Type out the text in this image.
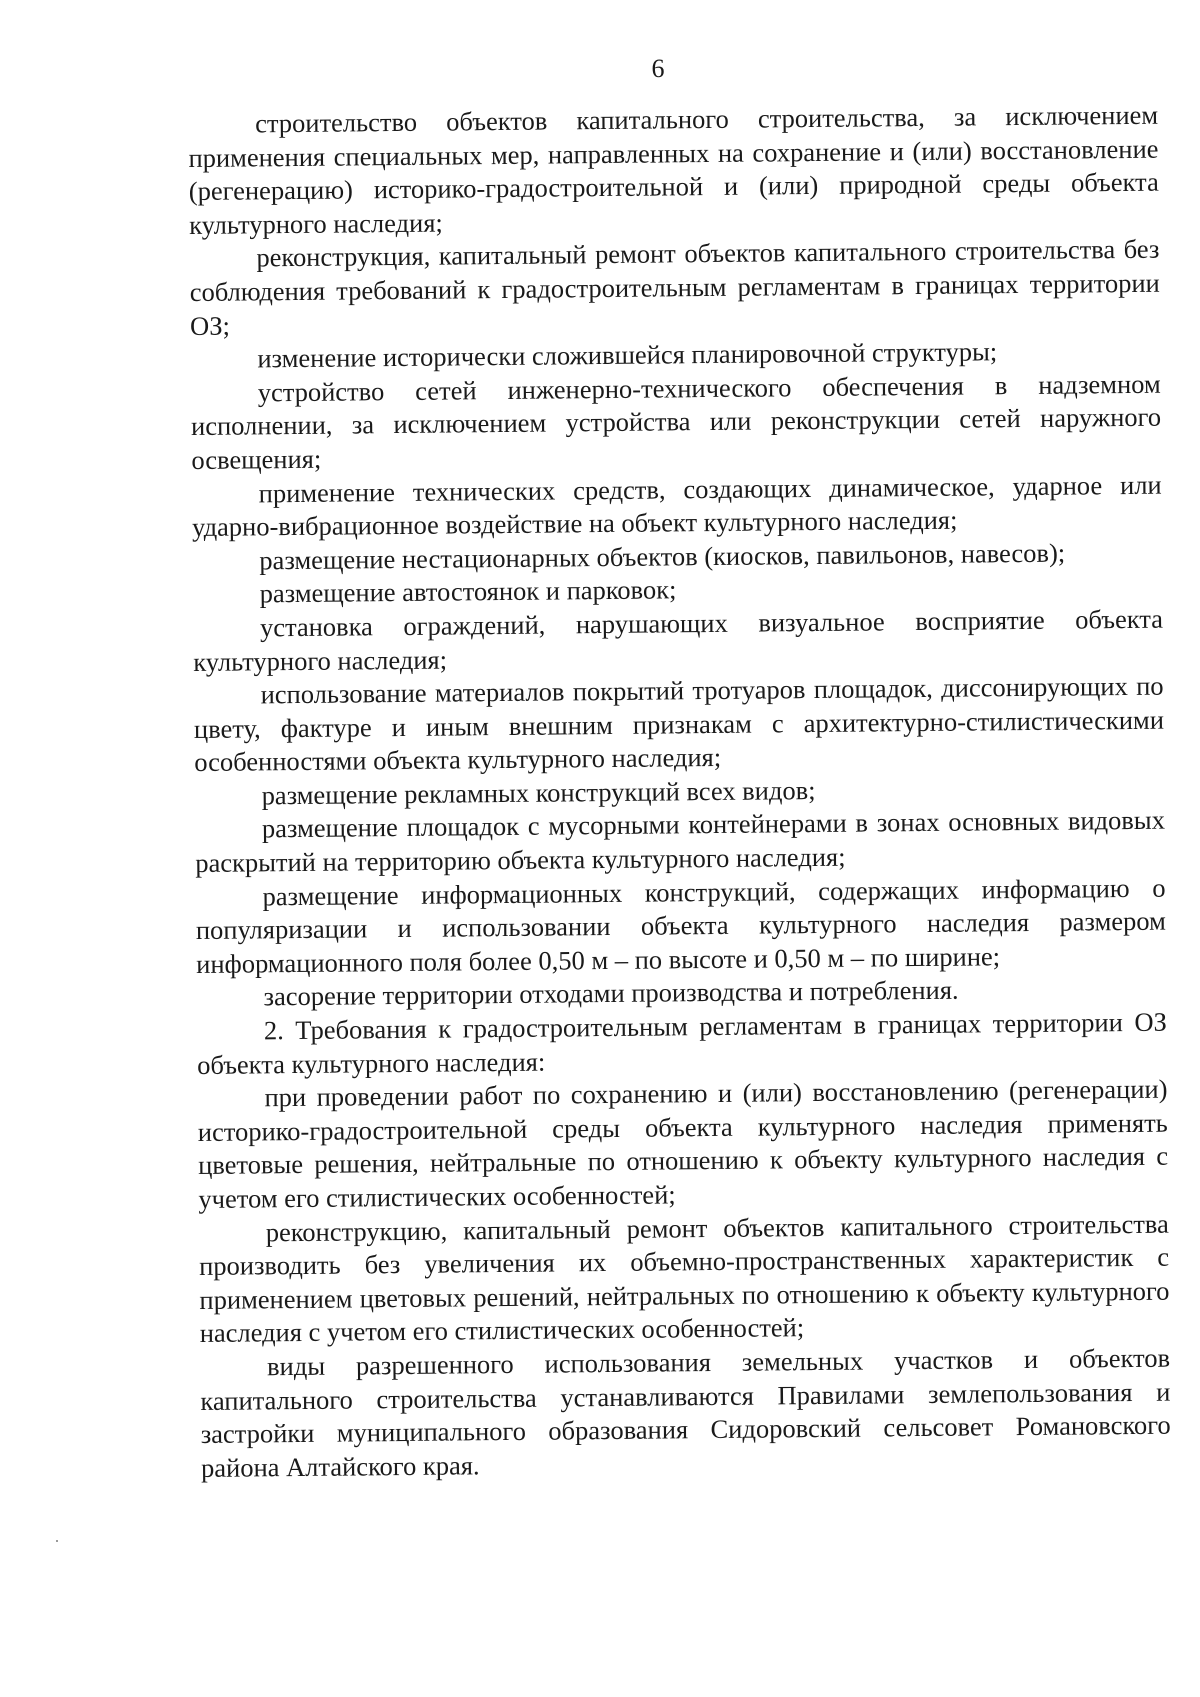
6

строительство объектов капитального строительства, за исключением применения специальных мер, направленных на сохранение и (или) восстановление (регенерацию) историко-градостроительной и (или) природной среды объекта культурного наследия;

реконструкция, капитальный ремонт объектов капитального строительства без соблюдения требований к градостроительным регламентам в границах территории ОЗ;

изменение исторически сложившейся планировочной структуры;

устройство сетей инженерно-технического обеспечения в надземном исполнении, за исключением устройства или реконструкции сетей наружного освещения;

применение технических средств, создающих динамическое, ударное или ударно-вибрационное воздействие на объект культурного наследия;

размещение нестационарных объектов (киосков, павильонов, навесов);

размещение автостоянок и парковок;

установка ограждений, нарушающих визуальное восприятие объекта культурного наследия;

использование материалов покрытий тротуаров площадок, диссонирующих по цвету, фактуре и иным внешним признакам с архитектурно-стилистическими особенностями объекта культурного наследия;

размещение рекламных конструкций всех видов;

размещение площадок с мусорными контейнерами в зонах основных видовых раскрытий на территорию объекта культурного наследия;

размещение информационных конструкций, содержащих информацию о популяризации и использовании объекта культурного наследия размером информационного поля более 0,50 м – по высоте и 0,50 м – по ширине;

засорение территории отходами производства и потребления.

2. Требования к градостроительным регламентам в границах территории ОЗ объекта культурного наследия:

при проведении работ по сохранению и (или) восстановлению (регенерации) историко-градостроительной среды объекта культурного наследия применять цветовые решения, нейтральные по отношению к объекту культурного наследия с учетом его стилистических особенностей;

реконструкцию, капитальный ремонт объектов капитального строительства производить без увеличения их объемно-пространственных характеристик с применением цветовых решений, нейтральных по отношению к объекту культурного наследия с учетом его стилистических особенностей;

виды разрешенного использования земельных участков и объектов капитального строительства устанавливаются Правилами землепользования и застройки муниципального образования Сидоровский сельсовет Романовского района Алтайского края.
